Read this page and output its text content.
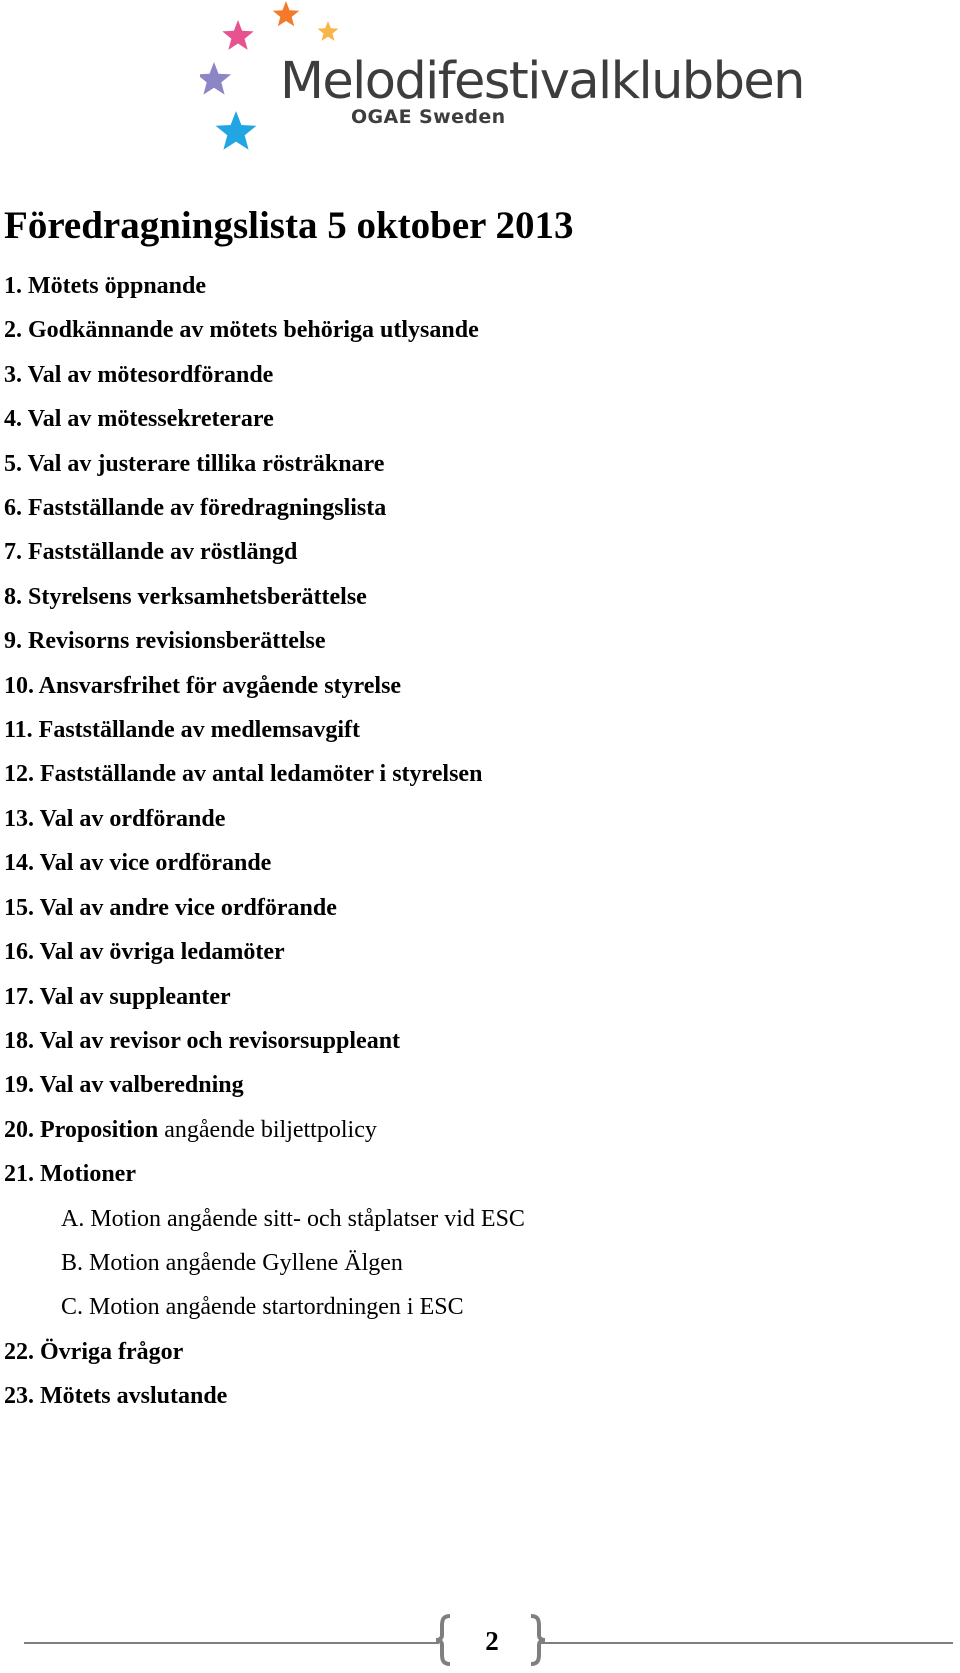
Melodifestivalklubben
OGAE Sweden
Föredragningslista 5 oktober 2013
1. Mötets öppnande
2. Godkännande av mötets behöriga utlysande
3. Val av mötesordförande
4. Val av mötessekreterare
5. Val av justerare tillika rösträknare
6. Fastställande av föredragningslista
7. Fastställande av röstlängd
8. Styrelsens verksamhetsberättelse
9. Revisorns revisionsberättelse
10. Ansvarsfrihet för avgående styrelse
11. Fastställande av medlemsavgift
12. Fastställande av antal ledamöter i styrelsen
13. Val av ordförande
14. Val av vice ordförande
15. Val av andre vice ordförande
16. Val av övriga ledamöter
17. Val av suppleanter
18. Val av revisor och revisorsuppleant
19. Val av valberedning
20. Proposition angående biljettpolicy
21. Motioner
A. Motion angående sitt- och ståplatser vid ESC
B. Motion angående Gyllene Älgen
C. Motion angående startordningen i ESC
22. Övriga frågor
23. Mötets avslutande
2
